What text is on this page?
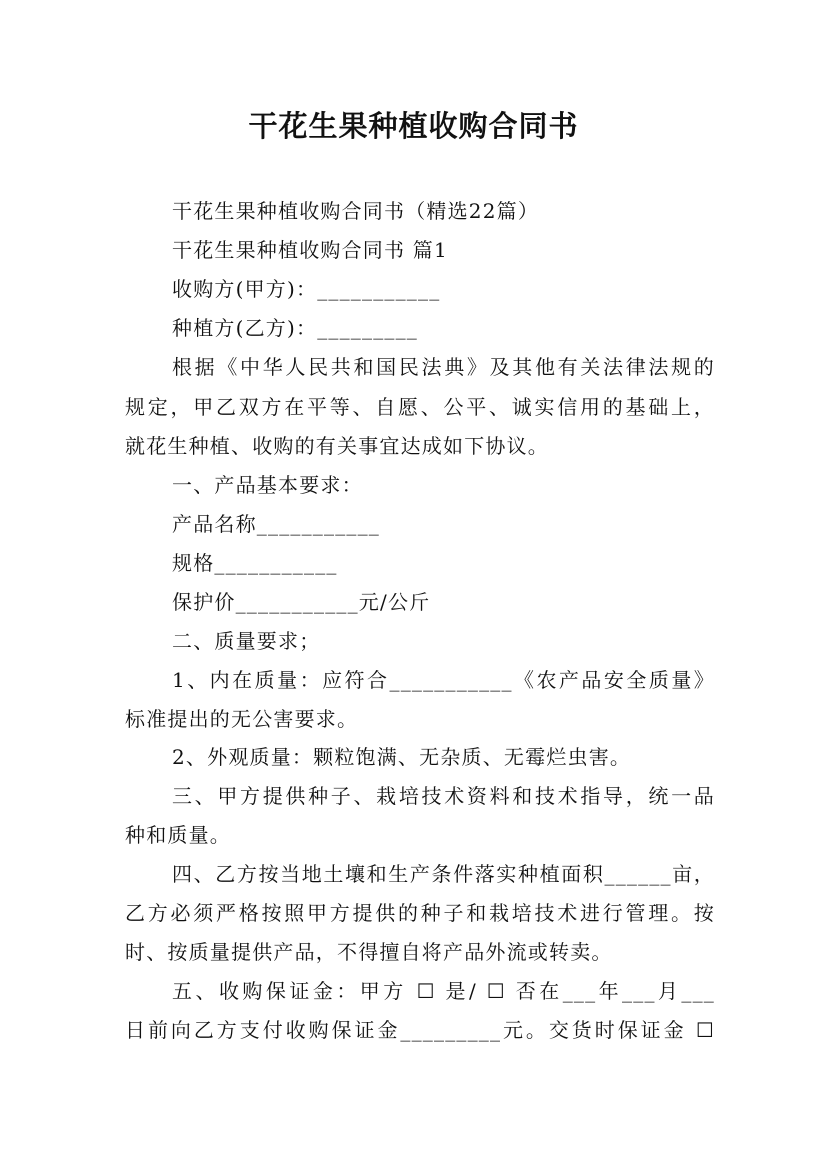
干花生果种植收购合同书

干花生果种植收购合同书（精选22篇）

干花生果种植收购合同书 篇1

收购方(甲方)：___________

种植方(乙方)：_________

根据《中华人民共和国民法典》及其他有关法律法规的

规定，甲乙双方在平等、自愿、公平、诚实信用的基础上，

就花生种植、收购的有关事宜达成如下协议。

一、产品基本要求：

产品名称___________

规格___________

保护价___________元/公斤

二、质量要求；

1、内在质量：应符合___________《农产品安全质量》

标准提出的无公害要求。

2、外观质量：颗粒饱满、无杂质、无霉烂虫害。

三、甲方提供种子、栽培技术资料和技术指导，统一品

种和质量。

四、乙方按当地土壤和生产条件落实种植面积______亩，

乙方必须严格按照甲方提供的种子和栽培技术进行管理。按

时、按质量提供产品，不得擅自将产品外流或转卖。

五、收购保证金：甲方 ☐ 是/ ☐ 否在___年___月___

日前向乙方支付收购保证金_________元。交货时保证金 ☐
